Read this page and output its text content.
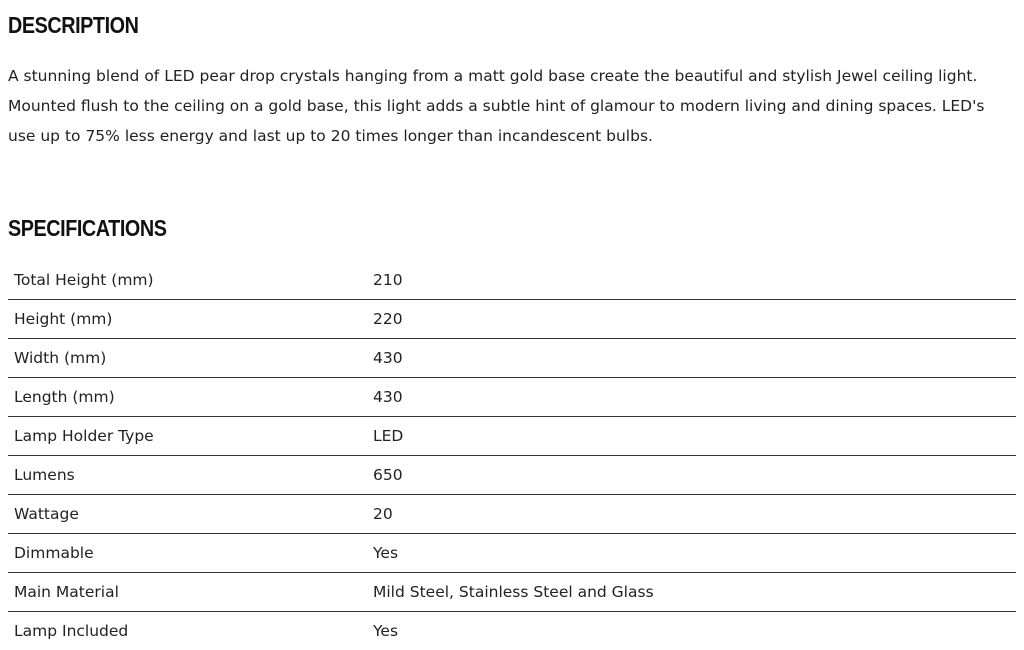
DESCRIPTION

A stunning blend of LED pear drop crystals hanging from a matt gold base create the beautiful and stylish Jewel ceiling light.
Mounted flush to the ceiling on a gold base, this light adds a subtle hint of glamour to modern living and dining spaces. LED's
use up to 75% less energy and last up to 20 times longer than incandescent bulbs.

SPECIFICATIONS
Total Height (mm)	210
Height (mm)	220
Width (mm)	430
Length (mm)	430
Lamp Holder Type	LED
Lumens	650
Wattage	20
Dimmable	Yes
Main Material	Mild Steel, Stainless Steel and Glass
Lamp Included	Yes
